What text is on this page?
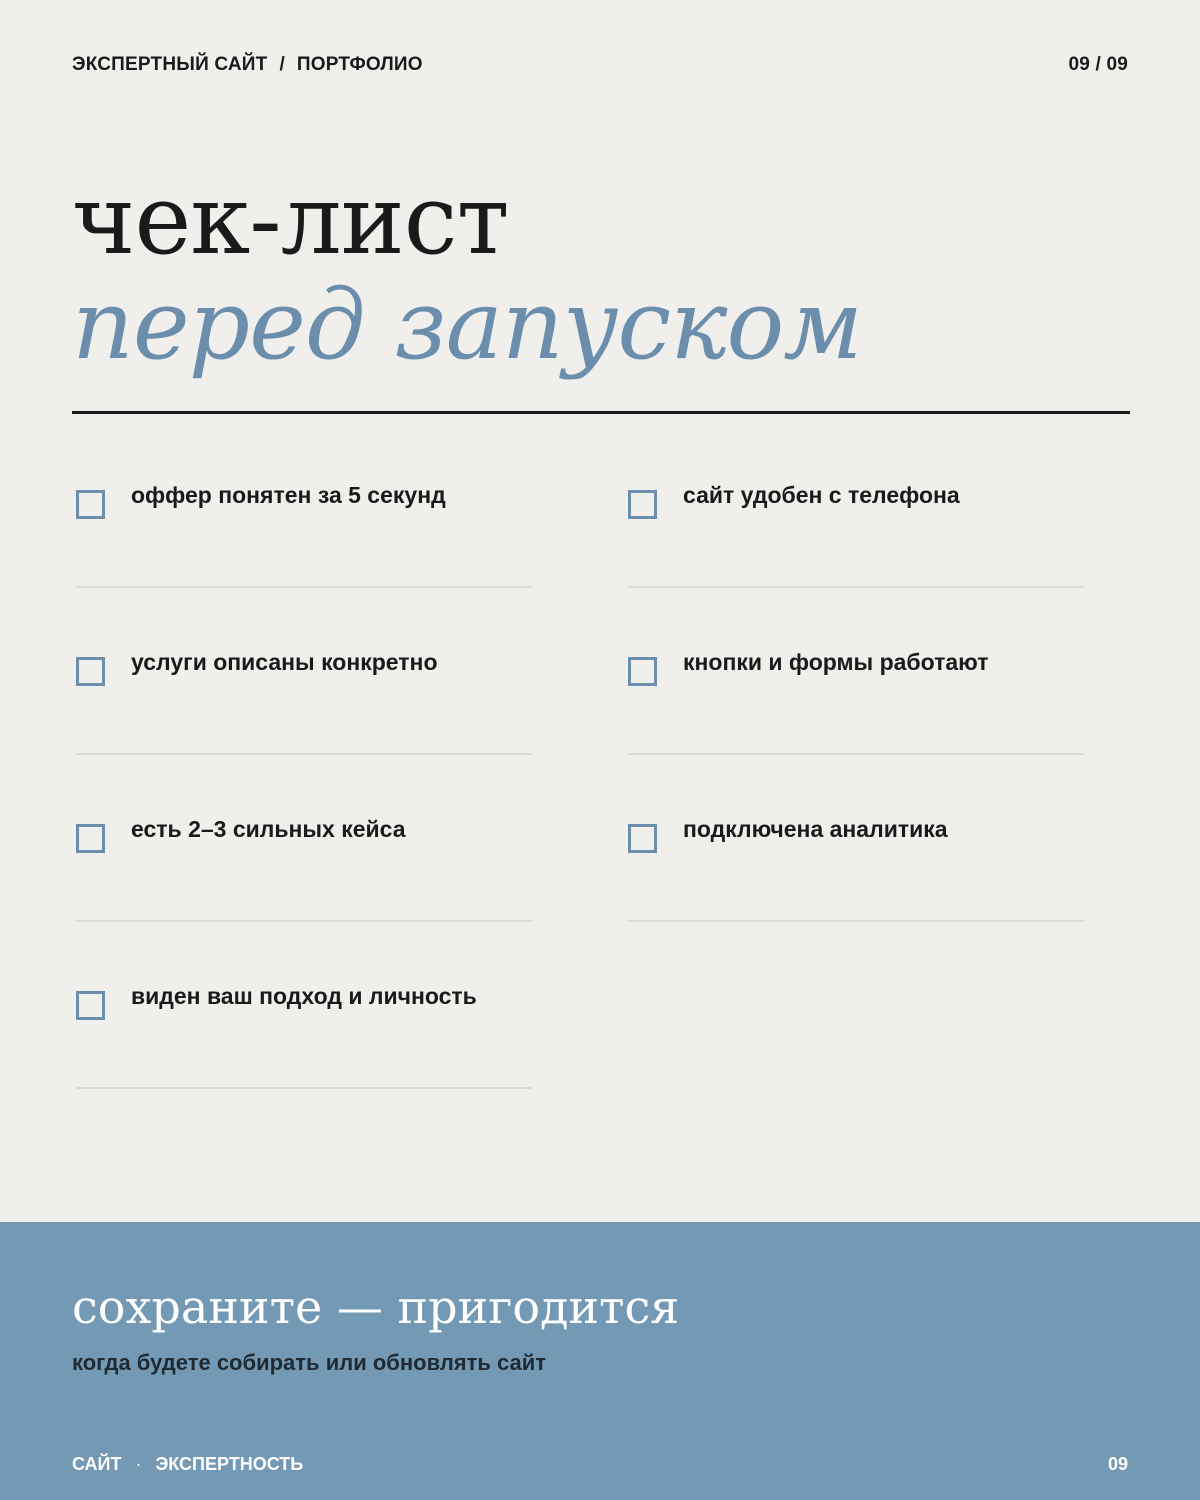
ЭКСПЕРТНЫЙ САЙТ / ПОРТФОЛИО	09 / 09
чек-лист
перед запуском
оффер понятен за 5 секунд	сайт удобен с телефона
услуги описаны конкретно	кнопки и формы работают
есть 2–3 сильных кейса	подключена аналитика
виден ваш подход и личность
сохраните — пригодится
когда будете собирать или обновлять сайт
САЙТ · ЭКСПЕРТНОСТЬ	09
